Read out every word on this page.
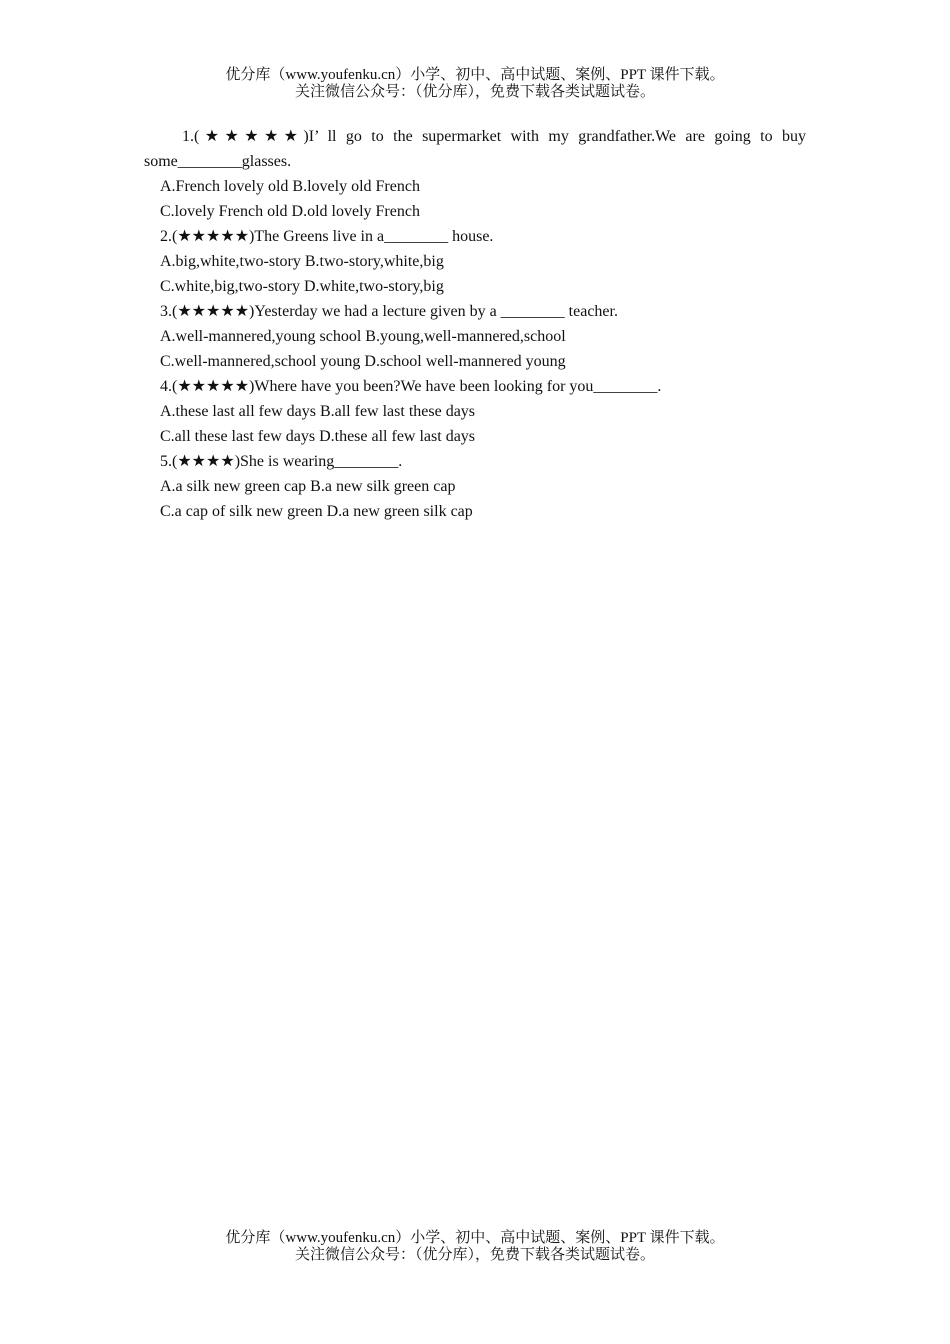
优分库（www.youfenku.cn）小学、初中、高中试题、案例、PPT 课件下载。
关注微信公众号：（优分库），免费下载各类试题试卷。

1.(★★★★★)I’ ll go to the supermarket with my grandfather.We are going to buy some________glasses.

A.French lovely old B.lovely old French

C.lovely French old D.old lovely French

2.(★★★★★)The Greens live in a________ house.

A.big,white,two-story B.two-story,white,big

C.white,big,two-story D.white,two-story,big

3.(★★★★★)Yesterday we had a lecture given by a ________ teacher.

A.well-mannered,young school B.young,well-mannered,school

C.well-mannered,school young D.school well-mannered young

4.(★★★★★)Where have you been?We have been looking for you________.

A.these last all few days B.all few last these days

C.all these last few days D.these all few last days

5.(★★★★)She is wearing________.

A.a silk new green cap B.a new silk green cap

C.a cap of silk new green D.a new green silk cap

优分库（www.youfenku.cn）小学、初中、高中试题、案例、PPT 课件下载。
关注微信公众号：（优分库），免费下载各类试题试卷。
